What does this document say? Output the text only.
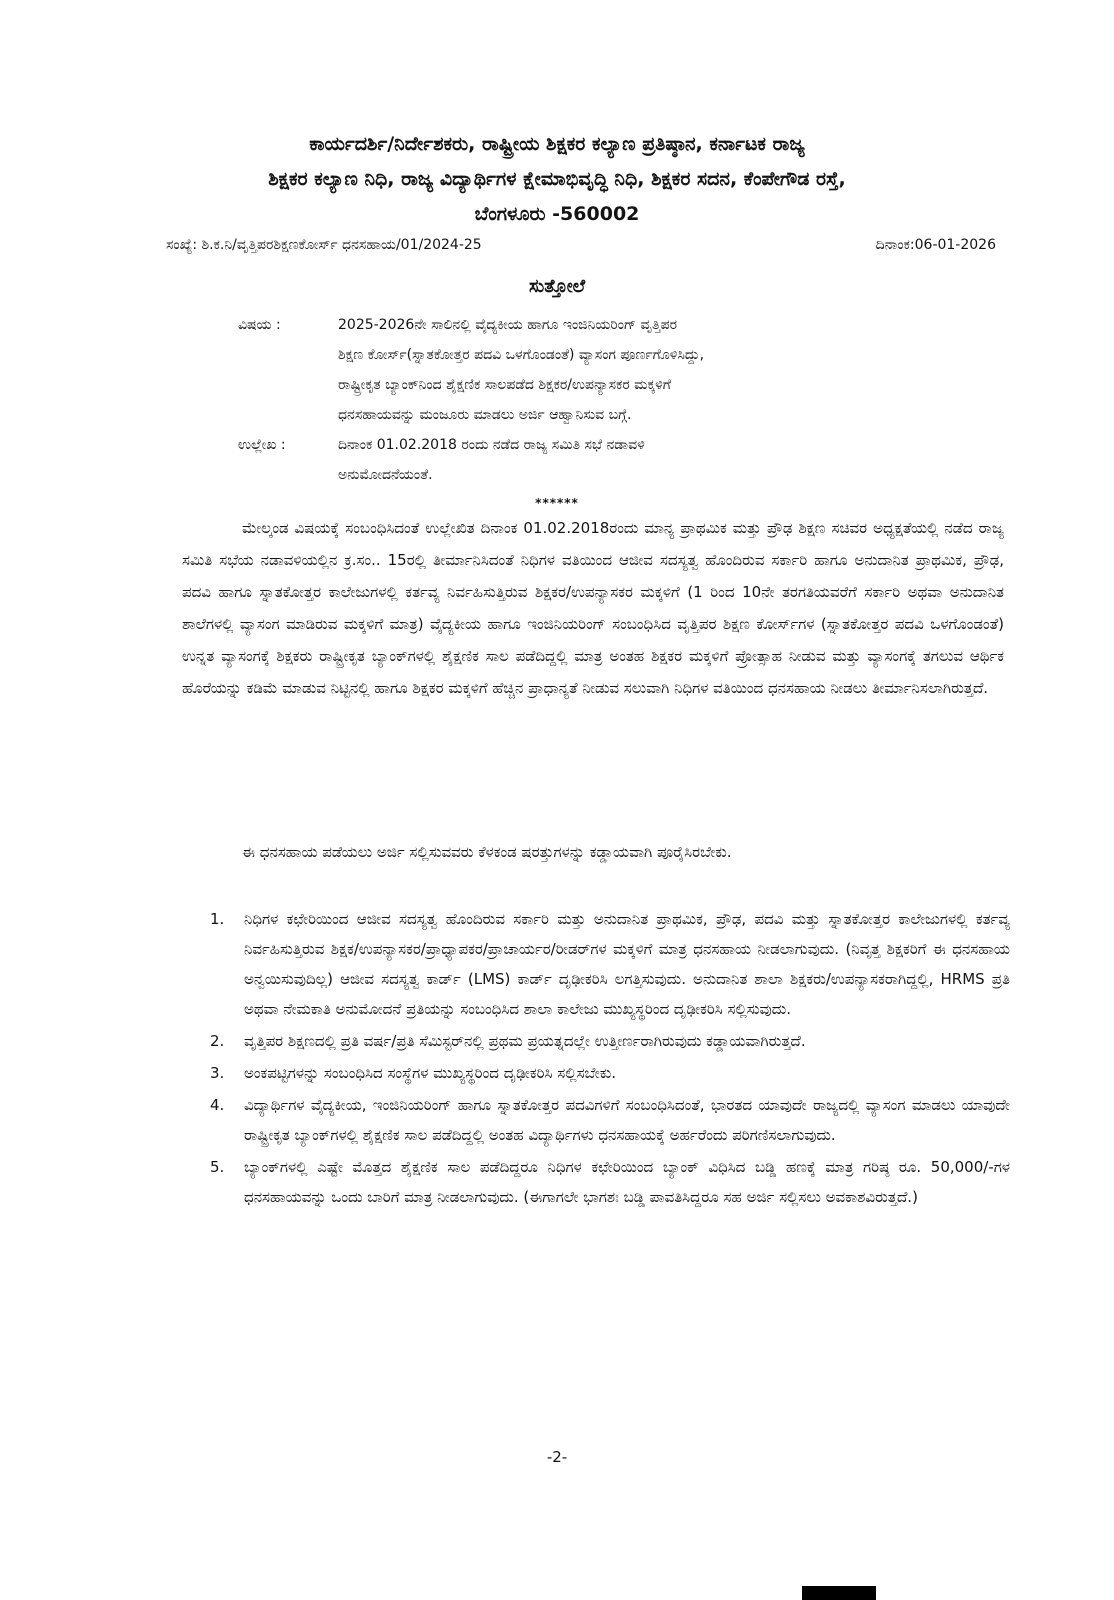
ಕಾರ್ಯದರ್ಶಿ/ನಿರ್ದೇಶಕರು, ರಾಷ್ಟ್ರೀಯ ಶಿಕ್ಷಕರ ಕಲ್ಯಾಣ ಪ್ರತಿಷ್ಠಾನ, ಕರ್ನಾಟಕ ರಾಜ್ಯ
ಶಿಕ್ಷಕರ ಕಲ್ಯಾಣ ನಿಧಿ, ರಾಜ್ಯ ವಿದ್ಯಾರ್ಥಿಗಳ ಕ್ಷೇಮಾಭಿವೃದ್ಧಿ ನಿಧಿ, ಶಿಕ್ಷಕರ ಸದನ, ಕೆಂಪೇಗೌಡ ರಸ್ತೆ,
ಬೆಂಗಳೂರು -560002
ಸಂಖ್ಯೆ: ಶಿ.ಕ.ನಿ/ವೃತ್ತಿಪರಶಿಕ್ಷಣಕೋರ್ಸ್ ಧನಸಹಾಯ/01/2024-25	ದಿನಾಂಕ:06-01-2026
ಸುತ್ತೋಲೆ
ವಿಷಯ :	2025-2026ನೇ ಸಾಲಿನಲ್ಲಿ ವೈದ್ಯಕೀಯ ಹಾಗೂ ಇಂಜಿನಿಯರಿಂಗ್ ವೃತ್ತಿಪರ
ಶಿಕ್ಷಣ ಕೋರ್ಸ್(ಸ್ನಾತಕೋತ್ತರ ಪದವಿ ಒಳಗೊಂಡಂತೆ) ವ್ಯಾಸಂಗ ಪೂರ್ಣಗೊಳಿಸಿದ್ದು,
ರಾಷ್ಟ್ರೀಕೃತ ಬ್ಯಾಂಕ್‌ನಿಂದ ಶೈಕ್ಷಣಿಕ ಸಾಲಪಡೆದ ಶಿಕ್ಷಕರ/ಉಪನ್ಯಾಸಕರ ಮಕ್ಕಳಿಗೆ
ಧನಸಹಾಯವನ್ನು ಮಂಜೂರು ಮಾಡಲು ಅರ್ಜಿ ಆಹ್ವಾನಿಸುವ ಬಗ್ಗೆ.
ಉಲ್ಲೇಖ :	ದಿನಾಂಕ 01.02.2018 ರಂದು ನಡೆದ ರಾಜ್ಯ ಸಮಿತಿ ಸಭೆ ನಡಾವಳಿ
ಅನುಮೋದನೆಯಂತೆ.
******
ಮೇಲ್ಕಂಡ ವಿಷಯಕ್ಕೆ ಸಂಬಂಧಿಸಿದಂತೆ ಉಲ್ಲೇಖಿತ ದಿನಾಂಕ 01.02.2018ರಂದು ಮಾನ್ಯ ಪ್ರಾಥಮಿಕ ಮತ್ತು ಪ್ರೌಢ ಶಿಕ್ಷಣ ಸಚಿವರ ಅಧ್ಯಕ್ಷತೆಯಲ್ಲಿ ನಡೆದ ರಾಜ್ಯ ಸಮಿತಿ ಸಭೆಯ ನಡಾವಳಿಯಲ್ಲಿನ ಕ್ರ.ಸಂ.. 15ರಲ್ಲಿ ತೀರ್ಮಾನಿಸಿದಂತೆ ನಿಧಿಗಳ ವತಿಯಿಂದ ಆಜೀವ ಸದಸ್ಯತ್ವ ಹೊಂದಿರುವ ಸರ್ಕಾರಿ ಹಾಗೂ ಅನುದಾನಿತ ಪ್ರಾಥಮಿಕ, ಪ್ರೌಢ, ಪದವಿ ಹಾಗೂ ಸ್ನಾತಕೋತ್ತರ ಕಾಲೇಜುಗಳಲ್ಲಿ ಕರ್ತವ್ಯ ನಿರ್ವಹಿಸುತ್ತಿರುವ ಶಿಕ್ಷಕರ/ಉಪನ್ಯಾಸಕರ ಮಕ್ಕಳಿಗೆ (1 ರಿಂದ 10ನೇ ತರಗತಿಯವರೆಗೆ ಸರ್ಕಾರಿ ಅಥವಾ ಅನುದಾನಿತ ಶಾಲೆಗಳಲ್ಲಿ ವ್ಯಾಸಂಗ ಮಾಡಿರುವ ಮಕ್ಕಳಿಗೆ ಮಾತ್ರ) ವೈದ್ಯಕೀಯ ಹಾಗೂ ಇಂಜಿನಿಯರಿಂಗ್ ಸಂಬಂಧಿಸಿದ ವೃತ್ತಿಪರ ಶಿಕ್ಷಣ ಕೋರ್ಸ್‌ಗಳ (ಸ್ನಾತಕೋತ್ತರ ಪದವಿ ಒಳಗೊಂಡಂತೆ) ಉನ್ನತ ವ್ಯಾಸಂಗಕ್ಕೆ ಶಿಕ್ಷಕರು ರಾಷ್ಟ್ರೀಕೃತ ಬ್ಯಾಂಕ್‌ಗಳಲ್ಲಿ ಶೈಕ್ಷಣಿಕ ಸಾಲ ಪಡೆದಿದ್ದಲ್ಲಿ ಮಾತ್ರ ಅಂತಹ ಶಿಕ್ಷಕರ ಮಕ್ಕಳಿಗೆ ಪ್ರೋತ್ಸಾಹ ನೀಡುವ ಮತ್ತು ವ್ಯಾಸಂಗಕ್ಕೆ ತಗಲುವ ಆರ್ಥಿಕ ಹೊರೆಯನ್ನು ಕಡಿಮೆ ಮಾಡುವ ನಿಟ್ಟಿನಲ್ಲಿ ಹಾಗೂ ಶಿಕ್ಷಕರ ಮಕ್ಕಳಿಗೆ ಹೆಚ್ಚಿನ ಪ್ರಾಧಾನ್ಯತೆ ನೀಡುವ ಸಲುವಾಗಿ ನಿಧಿಗಳ ವತಿಯಿಂದ ಧನಸಹಾಯ ನೀಡಲು ತೀರ್ಮಾನಿಸಲಾಗಿರುತ್ತದೆ.
ಈ ಧನಸಹಾಯ ಪಡೆಯಲು ಅರ್ಜಿ ಸಲ್ಲಿಸುವವರು ಕೆಳಕಂಡ ಷರತ್ತುಗಳನ್ನು ಕಡ್ಡಾಯವಾಗಿ ಪೂರೈಸಿರಬೇಕು.
1. ನಿಧಿಗಳ ಕಛೇರಿಯಿಂದ ಆಜೀವ ಸದಸ್ಯತ್ವ ಹೊಂದಿರುವ ಸರ್ಕಾರಿ ಮತ್ತು ಅನುದಾನಿತ ಪ್ರಾಥಮಿಕ, ಪ್ರೌಢ, ಪದವಿ ಮತ್ತು ಸ್ನಾತಕೋತ್ತರ ಕಾಲೇಜುಗಳಲ್ಲಿ ಕರ್ತವ್ಯ ನಿರ್ವಹಿಸುತ್ತಿರುವ ಶಿಕ್ಷಕ/ಉಪನ್ಯಾಸಕರ/ಪ್ರಾಧ್ಯಾಪಕರ/ಪ್ರಾಚಾರ್ಯರ/ರೀಡರ್‌ಗಳ ಮಕ್ಕಳಿಗೆ ಮಾತ್ರ ಧನಸಹಾಯ ನೀಡಲಾಗುವುದು. (ನಿವೃತ್ತ ಶಿಕ್ಷಕರಿಗೆ ಈ ಧನಸಹಾಯ ಅನ್ವಯಿಸುವುದಿಲ್ಲ) ಆಜೀವ ಸದಸ್ಯತ್ವ ಕಾರ್ಡ್ (LMS) ಕಾರ್ಡ್ ದೃಢೀಕರಿಸಿ ಲಗತ್ತಿಸುವುದು. ಅನುದಾನಿತ ಶಾಲಾ ಶಿಕ್ಷಕರು/ಉಪನ್ಯಾಸಕರಾಗಿದ್ದಲ್ಲಿ, HRMS ಪ್ರತಿ ಅಥವಾ ನೇಮಕಾತಿ ಅನುಮೋದನೆ ಪ್ರತಿಯನ್ನು ಸಂಬಂಧಿಸಿದ ಶಾಲಾ ಕಾಲೇಜು ಮುಖ್ಯಸ್ಥರಿಂದ ದೃಢೀಕರಿಸಿ ಸಲ್ಲಿಸುವುದು.
2. ವೃತ್ತಿಪರ ಶಿಕ್ಷಣದಲ್ಲಿ ಪ್ರತಿ ವರ್ಷ/ಪ್ರತಿ ಸೆಮಿಸ್ಟರ್‌ನಲ್ಲಿ ಪ್ರಥಮ ಪ್ರಯತ್ನದಲ್ಲೇ ಉತ್ತೀರ್ಣರಾಗಿರುವುದು ಕಡ್ಡಾಯವಾಗಿರುತ್ತದೆ.
3. ಅಂಕಪಟ್ಟಿಗಳನ್ನು ಸಂಬಂಧಿಸಿದ ಸಂಸ್ಥೆಗಳ ಮುಖ್ಯಸ್ಥರಿಂದ ದೃಢೀಕರಿಸಿ ಸಲ್ಲಿಸಬೇಕು.
4. ವಿದ್ಯಾರ್ಥಿಗಳ ವೈದ್ಯಕೀಯ, ಇಂಜಿನಿಯರಿಂಗ್ ಹಾಗೂ ಸ್ನಾತಕೋತ್ತರ ಪದವಿಗಳಿಗೆ ಸಂಬಂಧಿಸಿದಂತೆ, ಭಾರತದ ಯಾವುದೇ ರಾಜ್ಯದಲ್ಲಿ ವ್ಯಾಸಂಗ ಮಾಡಲು ಯಾವುದೇ ರಾಷ್ಟ್ರೀಕೃತ ಬ್ಯಾಂಕ್‌ಗಳಲ್ಲಿ ಶೈಕ್ಷಣಿಕ ಸಾಲ ಪಡೆದಿದ್ದಲ್ಲಿ ಅಂತಹ ವಿದ್ಯಾರ್ಥಿಗಳು ಧನಸಹಾಯಕ್ಕೆ ಅರ್ಹರೆಂದು ಪರಿಗಣಿಸಲಾಗುವುದು.
5. ಬ್ಯಾಂಕ್‌ಗಳಲ್ಲಿ ಎಷ್ಟೇ ಮೊತ್ತದ ಶೈಕ್ಷಣಿಕ ಸಾಲ ಪಡೆದಿದ್ದರೂ ನಿಧಿಗಳ ಕಛೇರಿಯಿಂದ ಬ್ಯಾಂಕ್ ವಿಧಿಸಿದ ಬಡ್ಡಿ ಹಣಕ್ಕೆ ಮಾತ್ರ ಗರಿಷ್ಠ ರೂ. 50,000/-ಗಳ ಧನಸಹಾಯವನ್ನು ಒಂದು ಬಾರಿಗೆ ಮಾತ್ರ ನೀಡಲಾಗುವುದು. (ಈಗಾಗಲೇ ಭಾಗಶಃ ಬಡ್ಡಿ ಪಾವತಿಸಿದ್ದರೂ ಸಹ ಅರ್ಜಿ ಸಲ್ಲಿಸಲು ಅವಕಾಶವಿರುತ್ತದೆ.)
-2-
